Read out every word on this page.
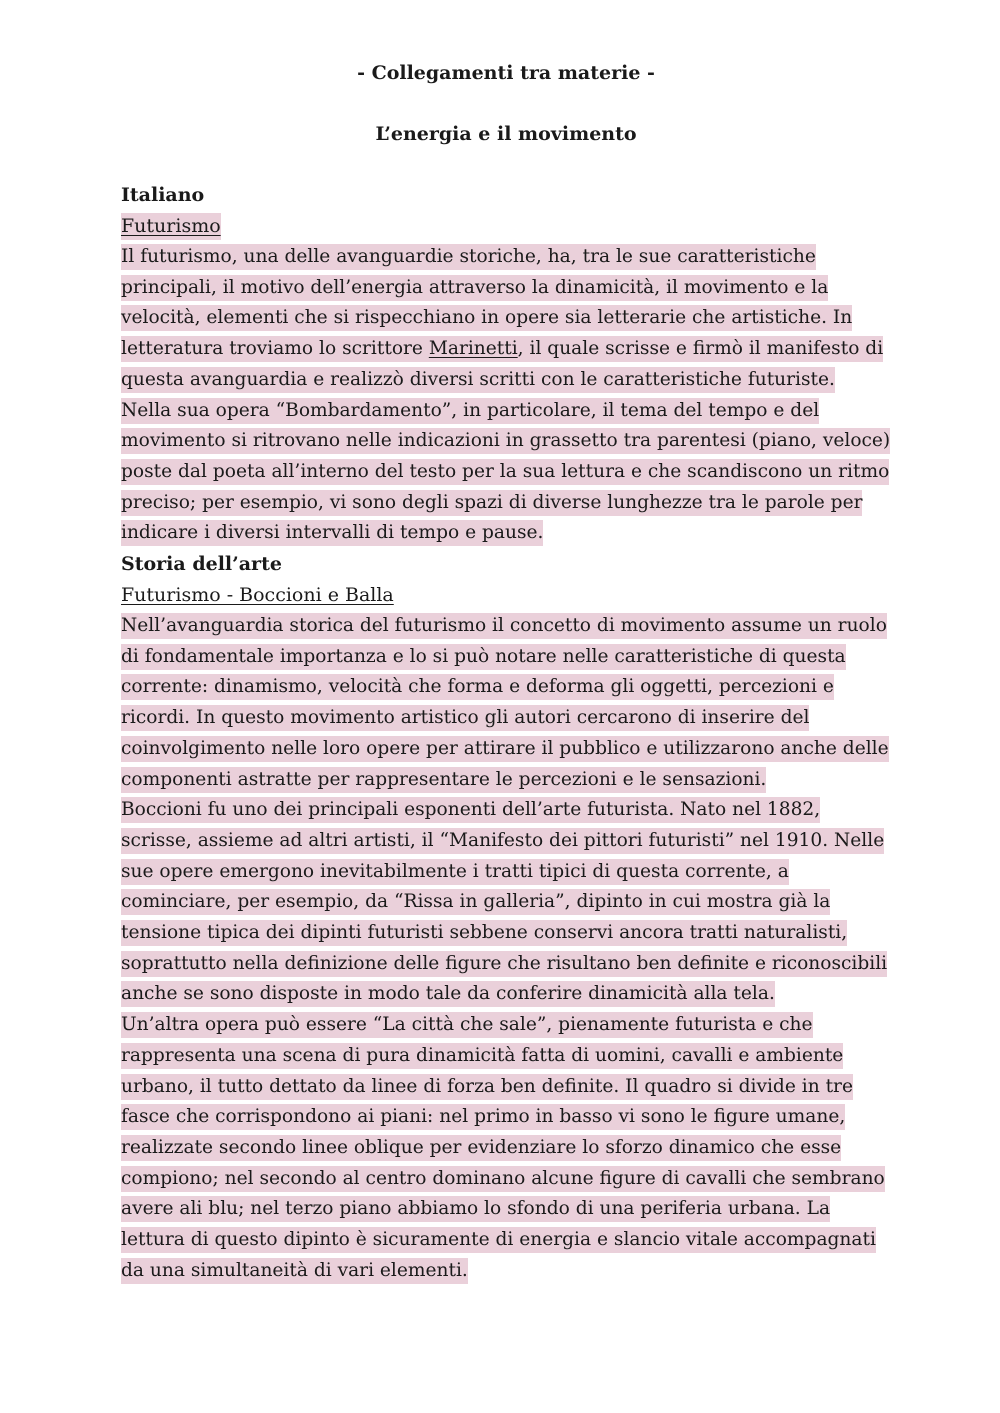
- Collegamenti tra materie -

L’energia e il movimento

Italiano

Futurismo

Il futurismo, una delle avanguardie storiche, ha, tra le sue caratteristiche principali, il motivo dell’energia attraverso la dinamicità, il movimento e la velocità, elementi che si rispecchiano in opere sia letterarie che artistiche. In letteratura troviamo lo scrittore Marinetti, il quale scrisse e firmò il manifesto di questa avanguardia e realizzò diversi scritti con le caratteristiche futuriste. Nella sua opera “Bombardamento”, in particolare, il tema del tempo e del movimento si ritrovano nelle indicazioni in grassetto tra parentesi (piano, veloce) poste dal poeta all’interno del testo per la sua lettura e che scandiscono un ritmo preciso; per esempio, vi sono degli spazi di diverse lunghezze tra le parole per indicare i diversi intervalli di tempo e pause.

Storia dell’arte

Futurismo - Boccioni e Balla

Nell’avanguardia storica del futurismo il concetto di movimento assume un ruolo di fondamentale importanza e lo si può notare nelle caratteristiche di questa corrente: dinamismo, velocità che forma e deforma gli oggetti, percezioni e ricordi. In questo movimento artistico gli autori cercarono di inserire del coinvolgimento nelle loro opere per attirare il pubblico e utilizzarono anche delle componenti astratte per rappresentare le percezioni e le sensazioni.

Boccioni fu uno dei principali esponenti dell’arte futurista. Nato nel 1882, scrisse, assieme ad altri artisti, il “Manifesto dei pittori futuristi” nel 1910. Nelle sue opere emergono inevitabilmente i tratti tipici di questa corrente, a cominciare, per esempio, da “Rissa in galleria”, dipinto in cui mostra già la tensione tipica dei dipinti futuristi sebbene conservi ancora tratti naturalisti, soprattutto nella definizione delle figure che risultano ben definite e riconoscibili anche se sono disposte in modo tale da conferire dinamicità alla tela.

Un’altra opera può essere “La città che sale”, pienamente futurista e che rappresenta una scena di pura dinamicità fatta di uomini, cavalli e ambiente urbano, il tutto dettato da linee di forza ben definite. Il quadro si divide in tre fasce che corrispondono ai piani: nel primo in basso vi sono le figure umane, realizzate secondo linee oblique per evidenziare lo sforzo dinamico che esse compiono; nel secondo al centro dominano alcune figure di cavalli che sembrano avere ali blu; nel terzo piano abbiamo lo sfondo di una periferia urbana. La lettura di questo dipinto è sicuramente di energia e slancio vitale accompagnati da una simultaneità di vari elementi.
